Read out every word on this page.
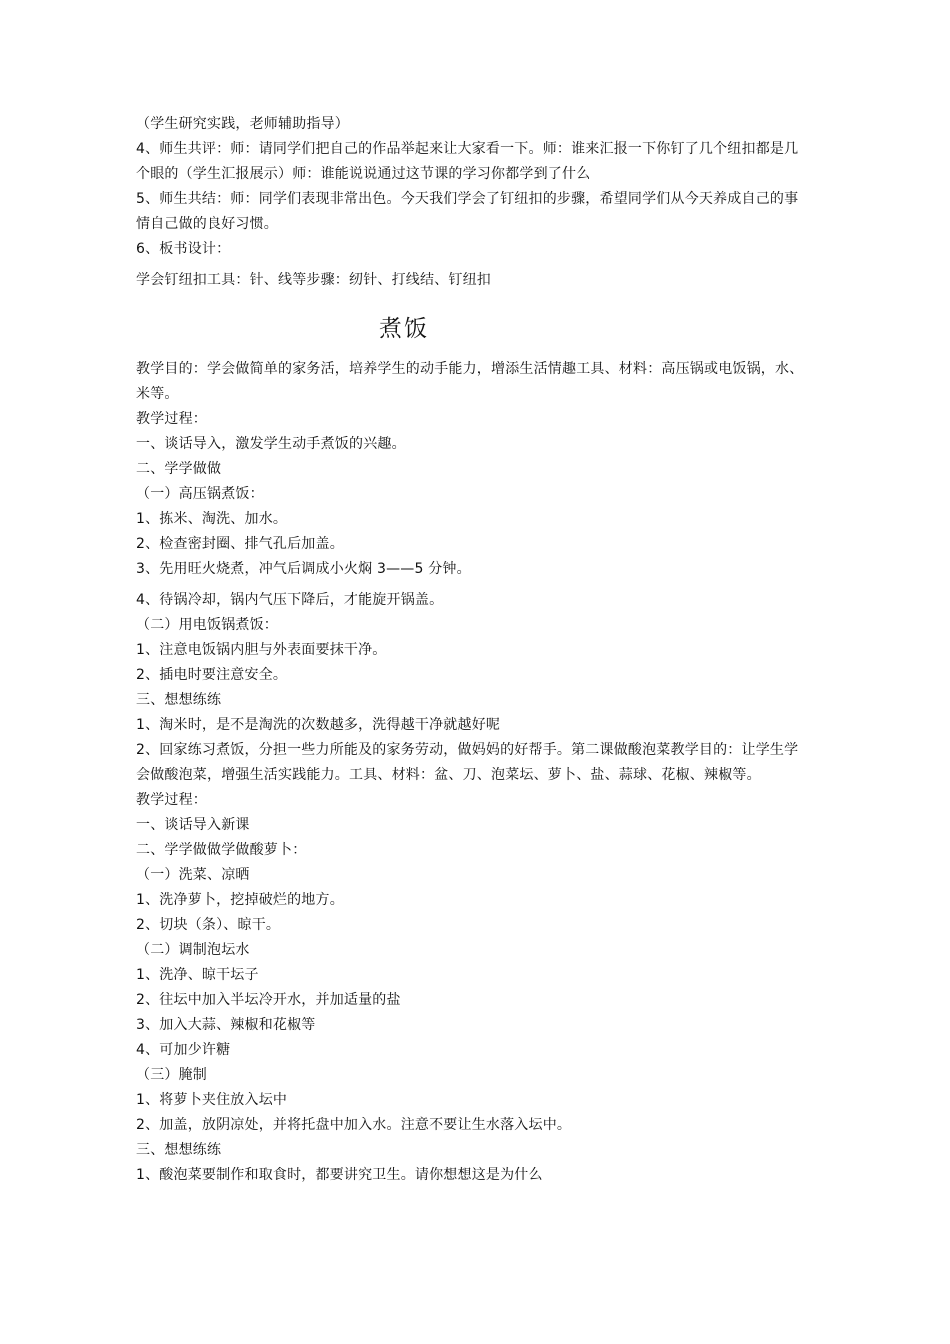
（学生研究实践，老师辅助指导）
4、师生共评：师：请同学们把自己的作品举起来让大家看一下。师：谁来汇报一下你钉了几个纽扣都是几个眼的（学生汇报展示）师：谁能说说通过这节课的学习你都学到了什么
5、师生共结：师：同学们表现非常出色。今天我们学会了钉纽扣的步骤，希望同学们从今天养成自己的事情自己做的良好习惯。
6、板书设计：
学会钉纽扣工具：针、线等步骤：纫针、打线结、钉纽扣
煮饭
教学目的：学会做简单的家务活，培养学生的动手能力，增添生活情趣工具、材料：高压锅或电饭锅，水、米等。
教学过程：
一、谈话导入，激发学生动手煮饭的兴趣。
二、学学做做
（一）高压锅煮饭：
1、拣米、淘洗、加水。
2、检查密封圈、排气孔后加盖。
3、先用旺火烧煮，冲气后调成小火焖 3——5 分钟。
4、待锅冷却，锅内气压下降后，才能旋开锅盖。
（二）用电饭锅煮饭：
1、注意电饭锅内胆与外表面要抹干净。
2、插电时要注意安全。
三、想想练练
1、淘米时，是不是淘洗的次数越多，洗得越干净就越好呢
2、回家练习煮饭，分担一些力所能及的家务劳动，做妈妈的好帮手。第二课做酸泡菜教学目的：让学生学会做酸泡菜，增强生活实践能力。工具、材料：盆、刀、泡菜坛、萝卜、盐、蒜球、花椒、辣椒等。
教学过程：
一、谈话导入新课
二、学学做做学做酸萝卜：
（一）洗菜、凉晒
1、洗净萝卜，挖掉破烂的地方。
2、切块（条）、晾干。
（二）调制泡坛水
1、洗净、晾干坛子
2、往坛中加入半坛冷开水，并加适量的盐
3、加入大蒜、辣椒和花椒等
4、可加少许糖
（三）腌制
1、将萝卜夹住放入坛中
2、加盖，放阴凉处，并将托盘中加入水。注意不要让生水落入坛中。
三、想想练练
1、酸泡菜要制作和取食时，都要讲究卫生。请你想想这是为什么
